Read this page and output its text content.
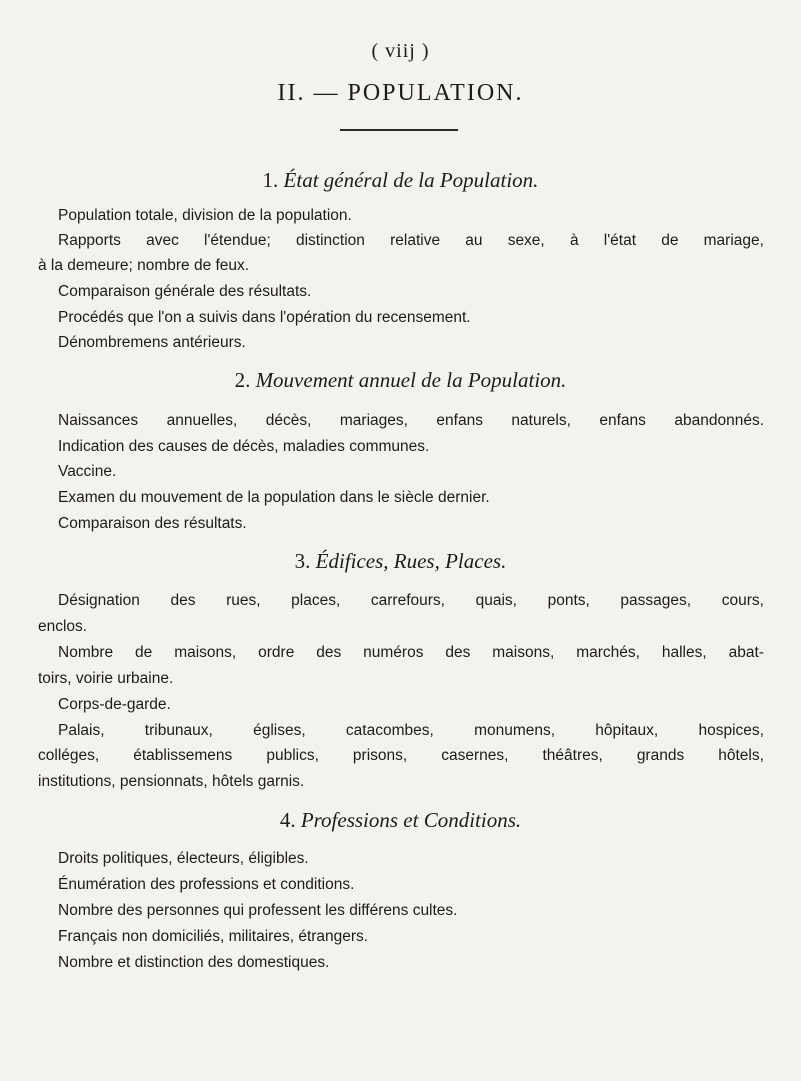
( viij )
II. — POPULATION.
1. État général de la Population.
Population totale, division de la population.
Rapports avec l'étendue; distinction relative au sexe, à l'état de mariage,
à la demeure; nombre de feux.
Comparaison générale des résultats.
Procédés que l'on a suivis dans l'opération du recensement.
Dénombremens antérieurs.
2. Mouvement annuel de la Population.
Naissances annuelles, décès, mariages, enfans naturels, enfans abandonnés.
Indication des causes de décès, maladies communes.
Vaccine.
Examen du mouvement de la population dans le siècle dernier.
Comparaison des résultats.
3. Édifices, Rues, Places.
Désignation des rues, places, carrefours, quais, ponts, passages, cours,
enclos.
Nombre de maisons, ordre des numéros des maisons, marchés, halles, abat-
toirs, voirie urbaine.
Corps-de-garde.
Palais,	tribunaux,	églises,	catacombes,	monumens,	hôpitaux,	hospices,
colléges, établissemens publics, prisons, casernes, théâtres, grands hôtels,
institutions, pensionnats, hôtels garnis.
4. Professions et Conditions.
Droits politiques, électeurs, éligibles.
Énumération des professions et conditions.
Nombre des personnes qui professent les différens cultes.
Français non domiciliés, militaires, étrangers.
Nombre et distinction des domestiques.
